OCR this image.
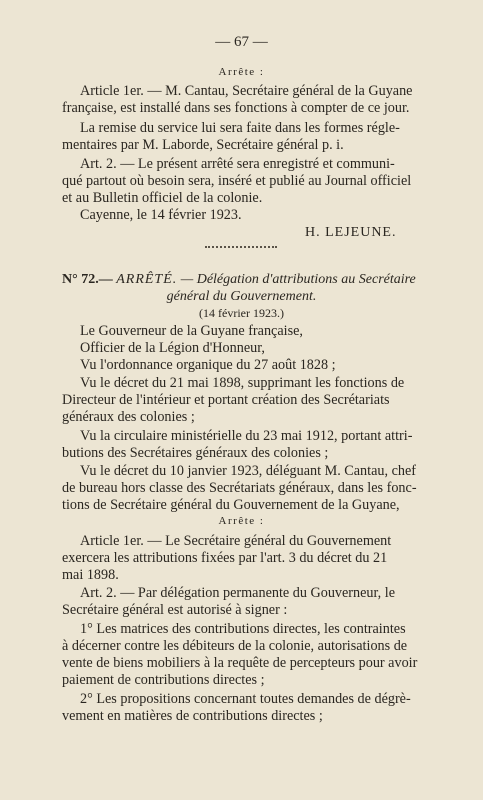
— 67 —
Arrête :
Article 1er. — M. Cantau, Secrétaire général de la Guyane
française, est installé dans ses fonctions à compter de ce jour.
La remise du service lui sera faite dans les formes régle-
mentaires par M. Laborde, Secrétaire général p. i.
Art. 2. — Le présent arrêté sera enregistré et communi-
qué partout où besoin sera, inséré et publié au Journal officiel
et au Bulletin officiel de la colonie.
Cayenne, le 14 février 1923.
H. LEJEUNE.
N° 72.— ARRÊTÉ. — Délégation d'attributions au Secrétaire
général du Gouvernement.
(14 février 1923.)
Le Gouverneur de la Guyane française,
Officier de la Légion d'Honneur,
Vu l'ordonnance organique du 27 août 1828 ;
Vu le décret du 21 mai 1898, supprimant les fonctions de
Directeur de l'intérieur et portant création des Secrétariats
généraux des colonies ;
Vu la circulaire ministérielle du 23 mai 1912, portant attri-
butions des Secrétaires généraux des colonies ;
Vu le décret du 10 janvier 1923, déléguant M. Cantau, chef
de bureau hors classe des Secrétariats généraux, dans les fonc-
tions de Secrétaire général du Gouvernement de la Guyane,
Arrête :
Article 1er. — Le Secrétaire général du Gouvernement
exercera les attributions fixées par l'art. 3 du décret du 21
mai 1898.
Art. 2. — Par délégation permanente du Gouverneur, le
Secrétaire général est autorisé à signer :
1° Les matrices des contributions directes, les contraintes
à décerner contre les débiteurs de la colonie, autorisations de
vente de biens mobiliers à la requête de percepteurs pour avoir
paiement de contributions directes ;
2° Les propositions concernant toutes demandes de dégrè-
vement en matières de contributions directes ;
